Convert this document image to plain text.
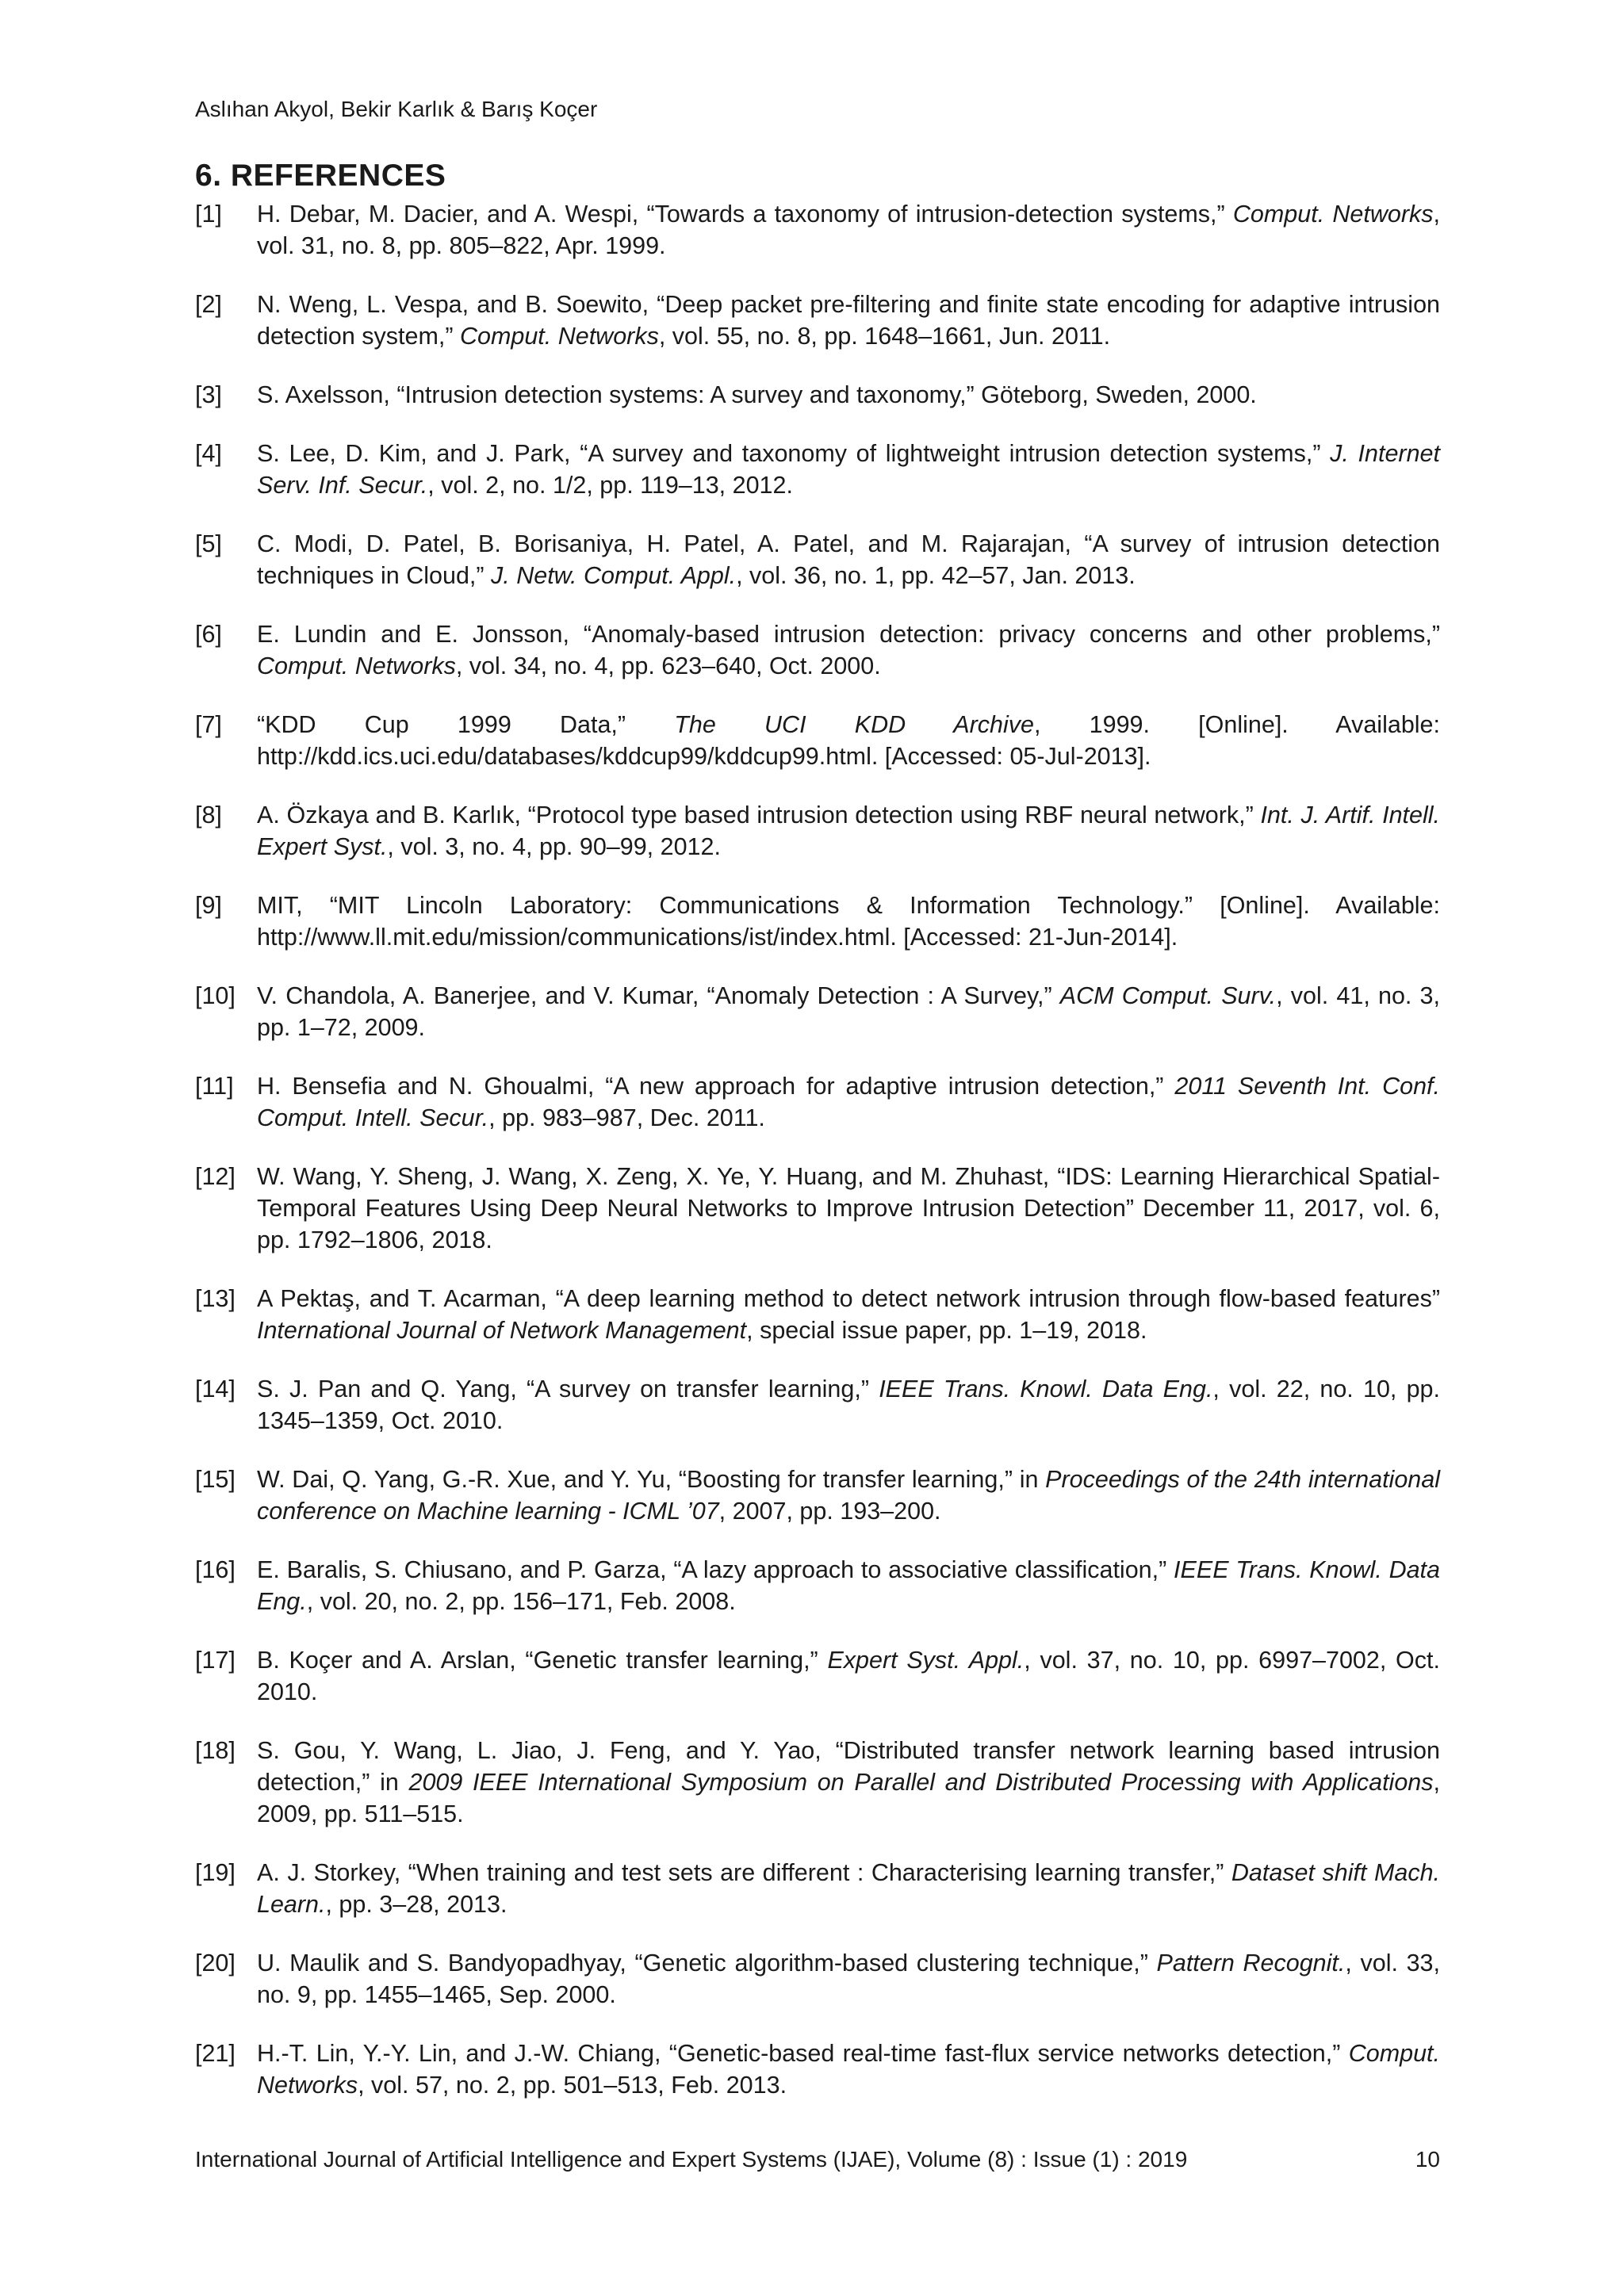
Aslıhan Akyol, Bekir Karlık & Barış Koçer
6. REFERENCES
[1] H. Debar, M. Dacier, and A. Wespi, “Towards a taxonomy of intrusion-detection systems,” Comput. Networks, vol. 31, no. 8, pp. 805–822, Apr. 1999.
[2] N. Weng, L. Vespa, and B. Soewito, “Deep packet pre-filtering and finite state encoding for adaptive intrusion detection system,” Comput. Networks, vol. 55, no. 8, pp. 1648–1661, Jun. 2011.
[3] S. Axelsson, “Intrusion detection systems: A survey and taxonomy,” Göteborg, Sweden, 2000.
[4] S. Lee, D. Kim, and J. Park, “A survey and taxonomy of lightweight intrusion detection systems,” J. Internet Serv. Inf. Secur., vol. 2, no. 1/2, pp. 119–13, 2012.
[5] C. Modi, D. Patel, B. Borisaniya, H. Patel, A. Patel, and M. Rajarajan, “A survey of intrusion detection techniques in Cloud,” J. Netw. Comput. Appl., vol. 36, no. 1, pp. 42–57, Jan. 2013.
[6] E. Lundin and E. Jonsson, “Anomaly-based intrusion detection: privacy concerns and other problems,” Comput. Networks, vol. 34, no. 4, pp. 623–640, Oct. 2000.
[7] “KDD Cup 1999 Data,” The UCI KDD Archive, 1999. [Online]. Available: http://kdd.ics.uci.edu/databases/kddcup99/kddcup99.html. [Accessed: 05-Jul-2013].
[8] A. Özkaya and B. Karlık, “Protocol type based intrusion detection using RBF neural network,” Int. J. Artif. Intell. Expert Syst., vol. 3, no. 4, pp. 90–99, 2012.
[9] MIT, “MIT Lincoln Laboratory: Communications & Information Technology.” [Online]. Available: http://www.ll.mit.edu/mission/communications/ist/index.html. [Accessed: 21-Jun-2014].
[10] V. Chandola, A. Banerjee, and V. Kumar, “Anomaly Detection : A Survey,” ACM Comput. Surv., vol. 41, no. 3, pp. 1–72, 2009.
[11] H. Bensefia and N. Ghoualmi, “A new approach for adaptive intrusion detection,” 2011 Seventh Int. Conf. Comput. Intell. Secur., pp. 983–987, Dec. 2011.
[12] W. Wang, Y. Sheng, J. Wang, X. Zeng, X. Ye, Y. Huang, and M. Zhuhast, “IDS: Learning Hierarchical Spatial-Temporal Features Using Deep Neural Networks to Improve Intrusion Detection” December 11, 2017, vol. 6, pp. 1792–1806, 2018.
[13] A Pektaş, and T. Acarman, “A deep learning method to detect network intrusion through flow-based features” International Journal of Network Management, special issue paper, pp. 1–19, 2018.
[14] S. J. Pan and Q. Yang, “A survey on transfer learning,” IEEE Trans. Knowl. Data Eng., vol. 22, no. 10, pp. 1345–1359, Oct. 2010.
[15] W. Dai, Q. Yang, G.-R. Xue, and Y. Yu, “Boosting for transfer learning,” in Proceedings of the 24th international conference on Machine learning - ICML ’07, 2007, pp. 193–200.
[16] E. Baralis, S. Chiusano, and P. Garza, “A lazy approach to associative classification,” IEEE Trans. Knowl. Data Eng., vol. 20, no. 2, pp. 156–171, Feb. 2008.
[17] B. Koçer and A. Arslan, “Genetic transfer learning,” Expert Syst. Appl., vol. 37, no. 10, pp. 6997–7002, Oct. 2010.
[18] S. Gou, Y. Wang, L. Jiao, J. Feng, and Y. Yao, “Distributed transfer network learning based intrusion detection,” in 2009 IEEE International Symposium on Parallel and Distributed Processing with Applications, 2009, pp. 511–515.
[19] A. J. Storkey, “When training and test sets are different : Characterising learning transfer,” Dataset shift Mach. Learn., pp. 3–28, 2013.
[20] U. Maulik and S. Bandyopadhyay, “Genetic algorithm-based clustering technique,” Pattern Recognit., vol. 33, no. 9, pp. 1455–1465, Sep. 2000.
[21] H.-T. Lin, Y.-Y. Lin, and J.-W. Chiang, “Genetic-based real-time fast-flux service networks detection,” Comput. Networks, vol. 57, no. 2, pp. 501–513, Feb. 2013.
International Journal of Artificial Intelligence and Expert Systems (IJAE), Volume (8) : Issue (1) : 2019	10
